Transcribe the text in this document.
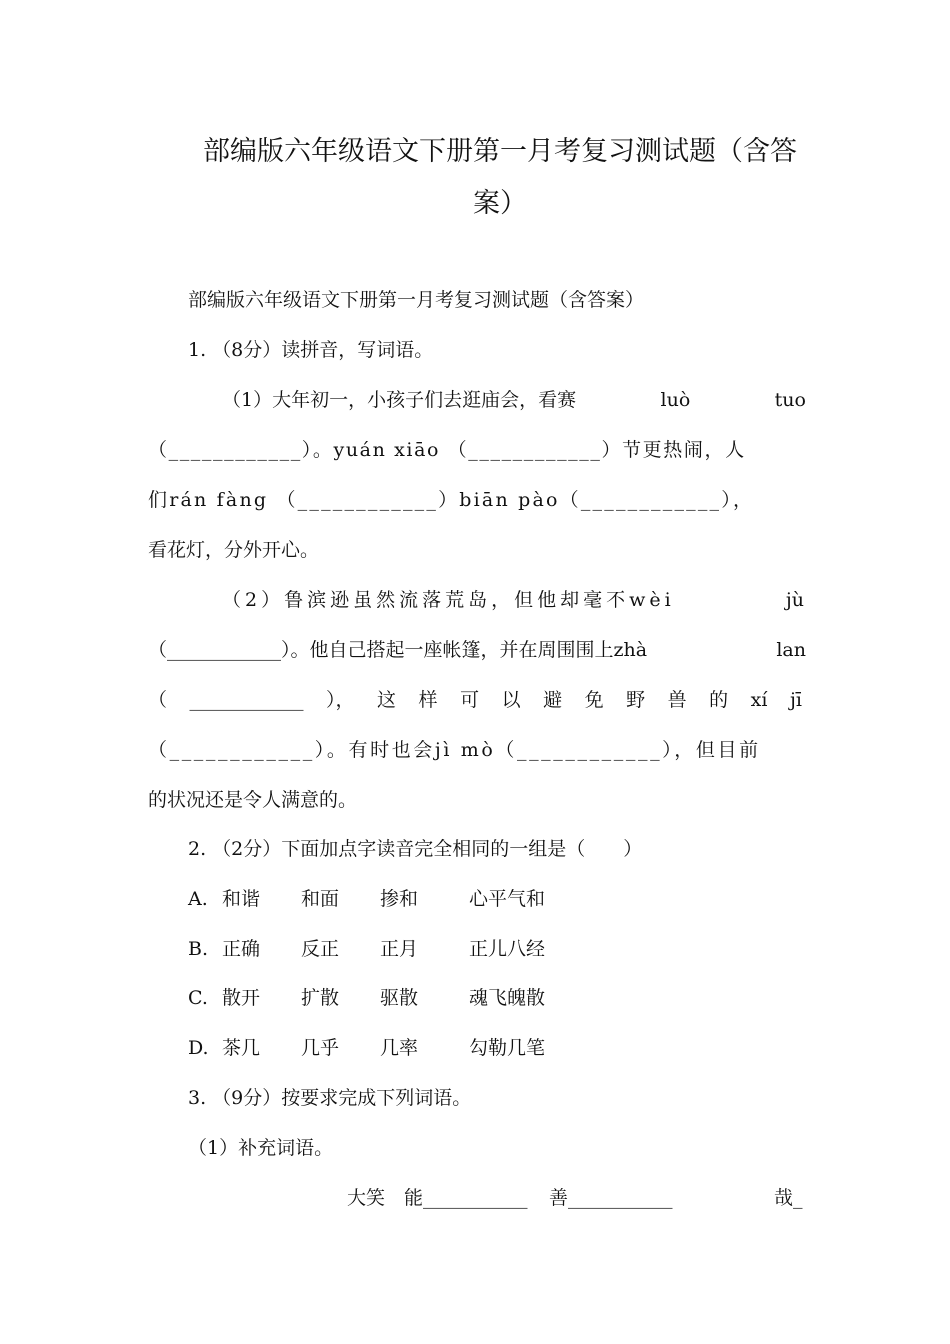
部编版六年级语文下册第一月考复习测试题（含答
案）
部编版六年级语文下册第一月考复习测试题（含答案）
1. （8分）读拼音，写词语。
（1）大年初一，小孩子们去逛庙会，看赛	luò	tuo
（____________）。yuán xiāo （____________）节更热闹，人
们rán fàng （____________）biān pào（____________），
看花灯，分外开心。
（2）鲁滨逊虽然流落荒岛，但他却毫不wèi	jù
（____________）。他自己搭起一座帐篷，并在周围围上zhà	lan
（ ____________ ）， 这 样 可 以 避 免 野 兽 的 xí jī
（____________）。有时也会jì mò（____________），但目前
的状况还是令人满意的。
2. （2分）下面加点字读音完全相同的一组是（　　）
A. 和谐 和面 掺和	心平气和
B. 正确 反正 正月	正儿八经
C. 散开 扩散 驱散	魂飞魄散
D. 茶几 几乎 几率	勾勒几笔
3. （9分）按要求完成下列词语。
（1）补充词语。
大笑 能___________ 善___________	哉_
